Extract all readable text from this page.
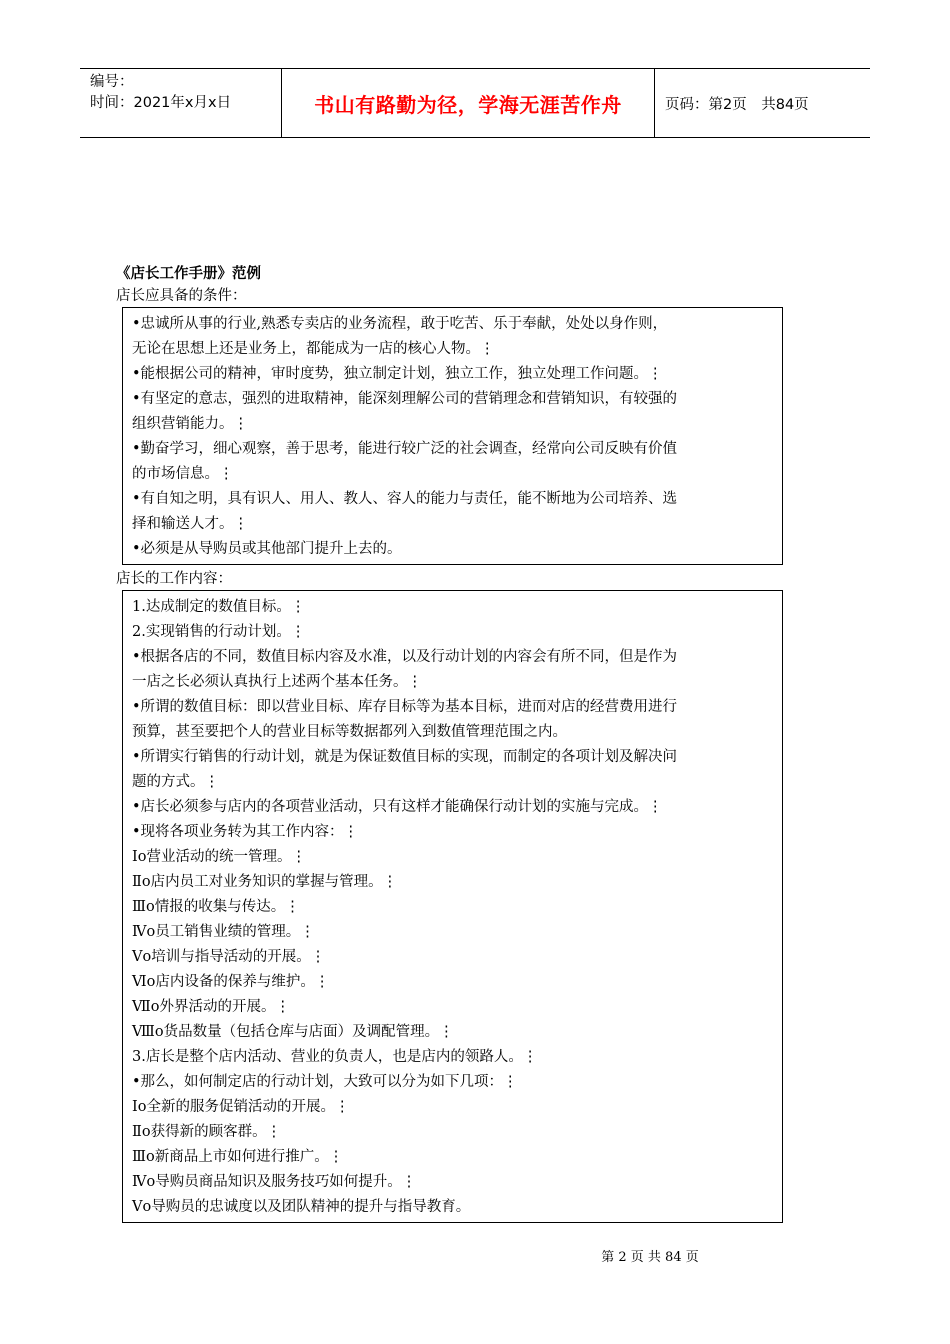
编号：
时间：2021年x月x日	书山有路勤为径，学海无涯苦作舟	页码：第2页　共84页
《店长工作手册》范例
店长应具备的条件：
•忠诚所从事的行业,熟悉专卖店的业务流程，敢于吃苦、乐于奉献，处处以身作则，
无论在思想上还是业务上，都能成为一店的核心人物。⋮
•能根据公司的精神，审时度势，独立制定计划，独立工作，独立处理工作问题。⋮
•有坚定的意志，强烈的进取精神，能深刻理解公司的营销理念和营销知识，有较强的
组织营销能力。⋮
•勤奋学习，细心观察，善于思考，能进行较广泛的社会调查，经常向公司反映有价值
的市场信息。⋮
•有自知之明，具有识人、用人、教人、容人的能力与责任，能不断地为公司培养、选
择和输送人才。⋮
•必须是从导购员或其他部门提升上去的。
店长的工作内容：
1.达成制定的数值目标。⋮
2.实现销售的行动计划。⋮
•根据各店的不同，数值目标内容及水准，以及行动计划的内容会有所不同，但是作为
一店之长必须认真执行上述两个基本任务。⋮
•所谓的数值目标：即以营业目标、库存目标等为基本目标，进而对店的经营费用进行
预算，甚至要把个人的营业目标等数据都列入到数值管理范围之内。
•所谓实行销售的行动计划，就是为保证数值目标的实现，而制定的各项计划及解决问
题的方式。⋮
•店长必须参与店内的各项营业活动，只有这样才能确保行动计划的实施与完成。⋮
•现将各项业务转为其工作内容：⋮
Ⅰo营业活动的统一管理。⋮
Ⅱo店内员工对业务知识的掌握与管理。⋮
Ⅲo情报的收集与传达。⋮
Ⅳo员工销售业绩的管理。⋮
Ⅴo培训与指导活动的开展。⋮
Ⅵo店内设备的保养与维护。⋮
Ⅶo外界活动的开展。⋮
Ⅷo货品数量（包括仓库与店面）及调配管理。⋮
3.店长是整个店内活动、营业的负责人，也是店内的领路人。⋮
•那么，如何制定店的行动计划，大致可以分为如下几项：⋮
Ⅰo全新的服务促销活动的开展。⋮
Ⅱo获得新的顾客群。⋮
Ⅲo新商品上市如何进行推广。⋮
Ⅳo导购员商品知识及服务技巧如何提升。⋮
Ⅴo导购员的忠诚度以及团队精神的提升与指导教育。
第 2 页 共 84 页
